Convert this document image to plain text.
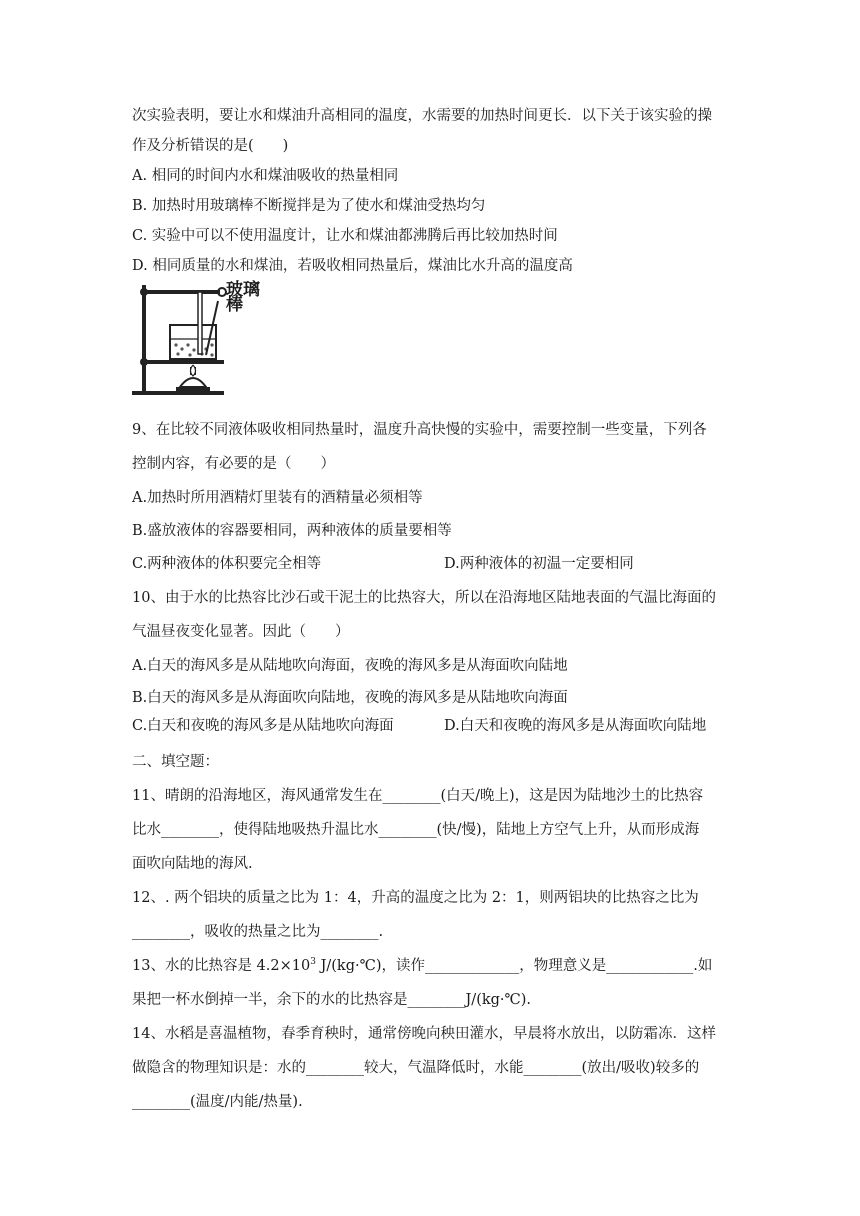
次实验表明，要让水和煤油升高相同的温度，水需要的加热时间更长．以下关于该实验的操
作及分析错误的是(　　)
A. 相同的时间内水和煤油吸收的热量相同
B. 加热时用玻璃棒不断搅拌是为了使水和煤油受热均匀
C. 实验中可以不使用温度计，让水和煤油都沸腾后再比较加热时间
D. 相同质量的水和煤油，若吸收相同热量后，煤油比水升高的温度高
玻璃
棒
9、在比较不同液体吸收相同热量时，温度升高快慢的实验中，需要控制一些变量，下列各
控制内容，有必要的是（　　）
A.加热时所用酒精灯里装有的酒精量必须相等
B.盛放液体的容器要相同，两种液体的质量要相等
C.两种液体的体积要完全相等	D.两种液体的初温一定要相同
10、由于水的比热容比沙石或干泥土的比热容大，所以在沿海地区陆地表面的气温比海面的
气温昼夜变化显著。因此（　　）
A.白天的海风多是从陆地吹向海面，夜晚的海风多是从海面吹向陆地
B.白天的海风多是从海面吹向陆地，夜晚的海风多是从陆地吹向海面
C.白天和夜晚的海风多是从陆地吹向海面	D.白天和夜晚的海风多是从海面吹向陆地
二、填空题：
11、晴朗的沿海地区，海风通常发生在________(白天/晚上)，这是因为陆地沙土的比热容
比水________，使得陆地吸热升温比水________(快/慢)，陆地上方空气上升，从而形成海
面吹向陆地的海风.
12、. 两个铝块的质量之比为 1：4，升高的温度之比为 2：1，则两铝块的比热容之比为
________，吸收的热量之比为________.
13、水的比热容是 $4.2\times 10^3$ J/(kg·℃)，读作_____________，物理意义是____________.如
果把一杯水倒掉一半，余下的水的比热容是________J/(kg·℃).
14、水稻是喜温植物，春季育秧时，通常傍晚向秧田灌水，早晨将水放出，以防霜冻．这样
做隐含的物理知识是：水的________较大，气温降低时，水能________(放出/吸收)较多的
________(温度/内能/热量).
